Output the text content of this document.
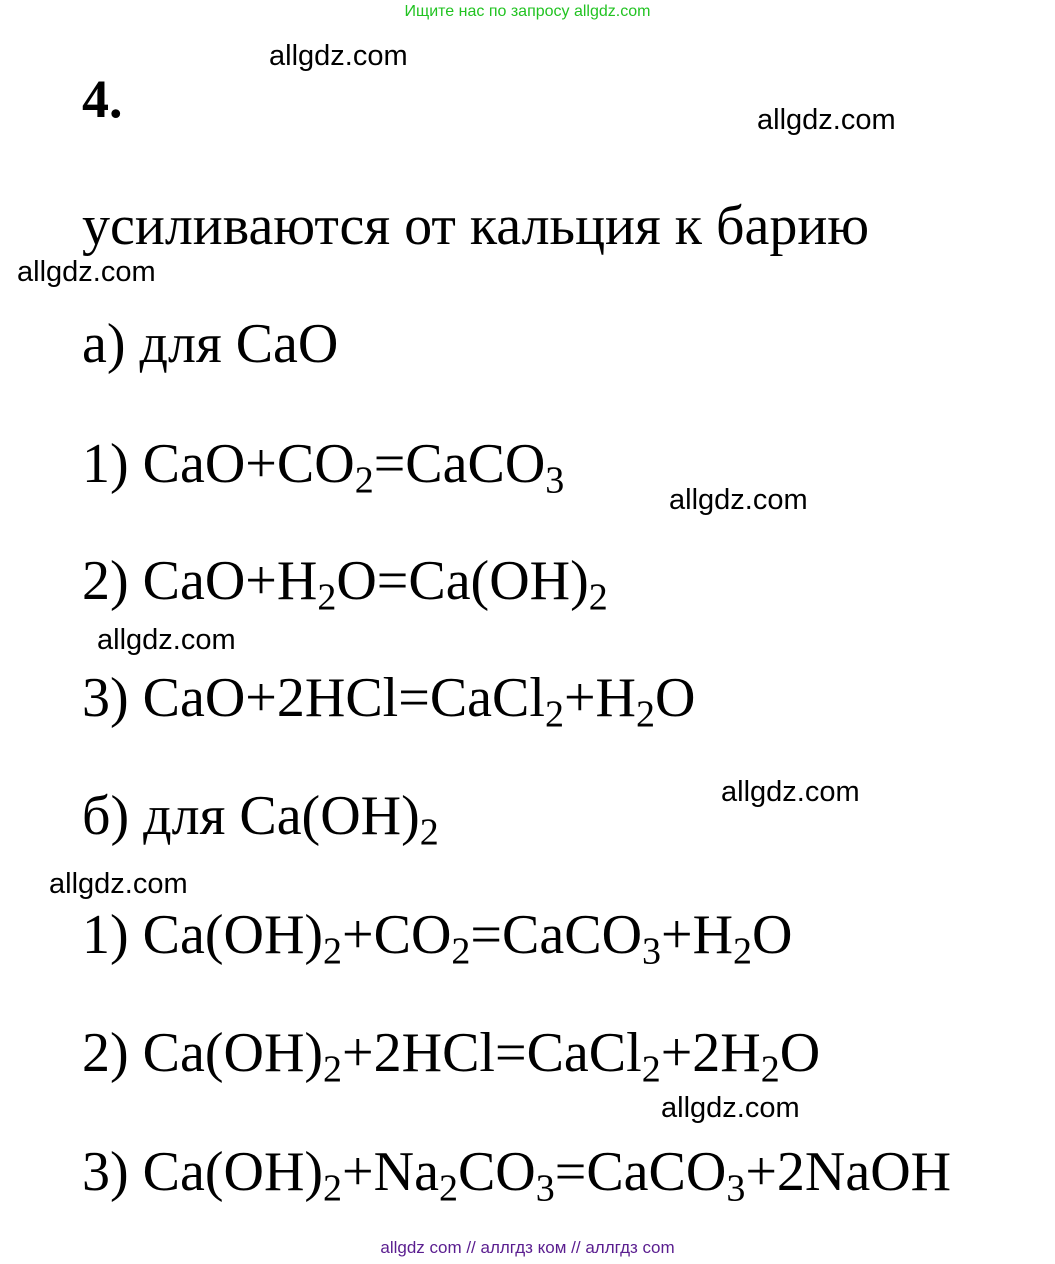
Ищите нас по запросу allgdz.com
allgdz.com
allgdz.com
allgdz.com
allgdz.com
allgdz.com
allgdz.com
allgdz.com
allgdz.com
4.
усиливаются от кальция к барию
а) для CaO
1) $CaO+CO_2=CaCO_3$
2) $CaO+H_2O=Ca(OH)_2$
3) $CaO+2HCl=CaCl_2+H_2O$
б) для $Ca(OH)_2$
1) $Ca(OH)_2+CO_2=CaCO_3+H_2O$
2) $Ca(OH)_2+2HCl=CaCl_2+2H_2O$
3) $Ca(OH)_2+Na_2CO_3=CaCO_3+2NaOH$
allgdz com // аллгдз ком // аллгдз com
